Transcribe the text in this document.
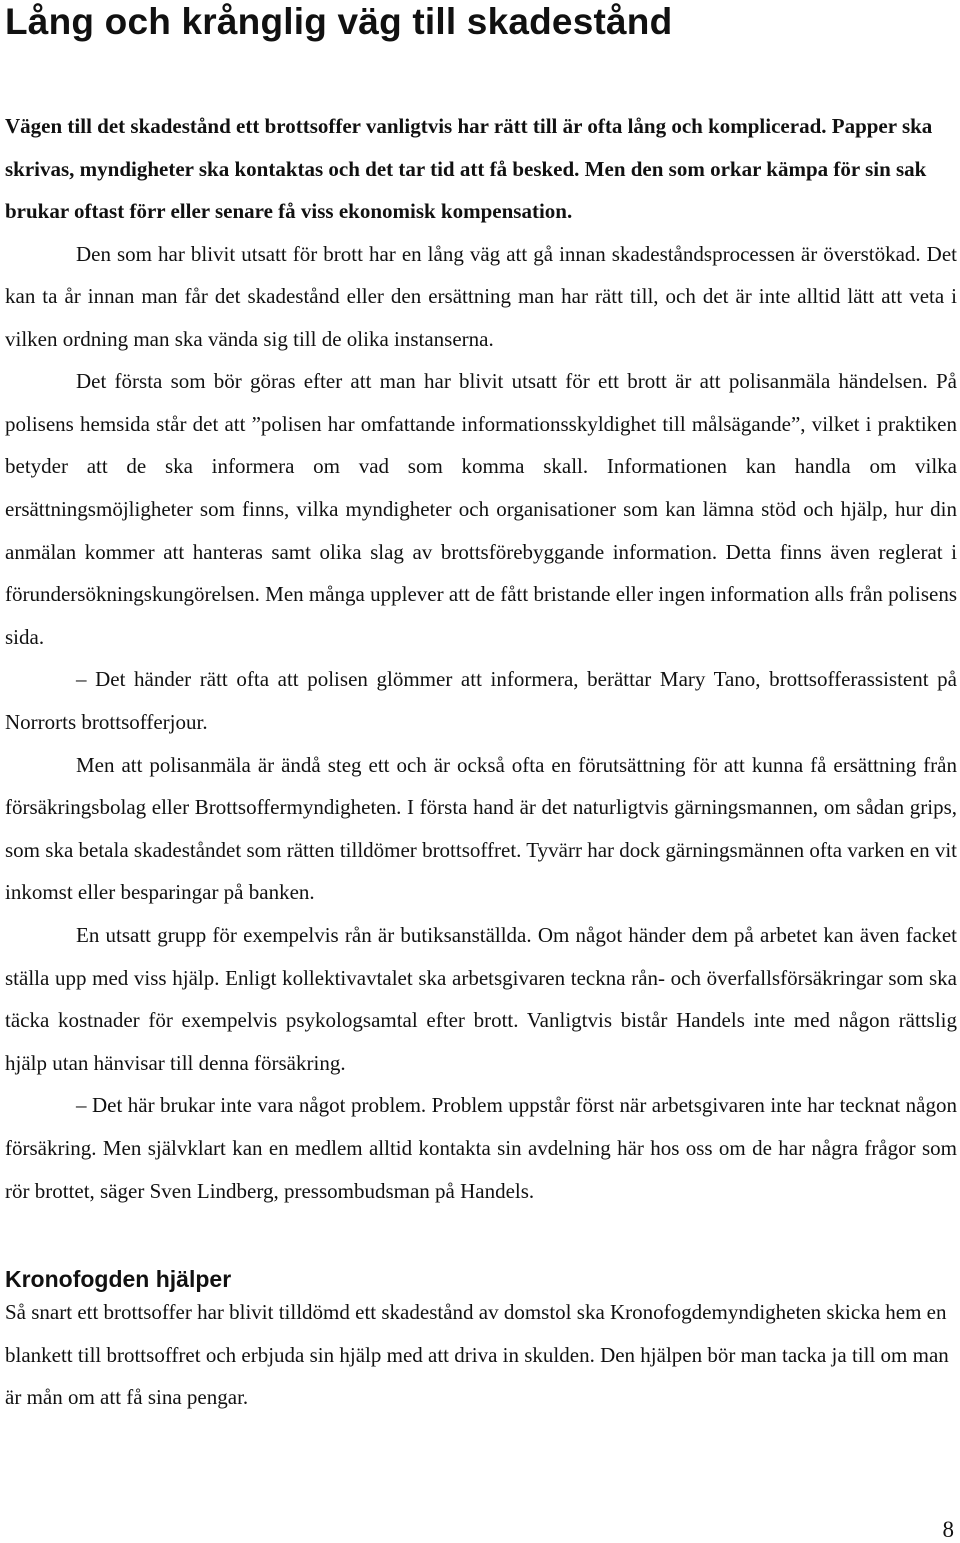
Lång och krånglig väg till skadestånd

Vägen till det skadestånd ett brottsoffer vanligtvis har rätt till är ofta lång och komplicerad. Papper ska skrivas, myndigheter ska kontaktas och det tar tid att få besked. Men den som orkar kämpa för sin sak brukar oftast förr eller senare få viss ekonomisk kompensation.

Den som har blivit utsatt för brott har en lång väg att gå innan skadeståndsprocessen är överstökad. Det kan ta år innan man får det skadestånd eller den ersättning man har rätt till, och det är inte alltid lätt att veta i vilken ordning man ska vända sig till de olika instanserna.

Det första som bör göras efter att man har blivit utsatt för ett brott är att polisanmäla händelsen. På polisens hemsida står det att ”polisen har omfattande informationsskyldighet till målsägande”, vilket i praktiken betyder att de ska informera om vad som komma skall. Informationen kan handla om vilka ersättningsmöjligheter som finns, vilka myndigheter och organisationer som kan lämna stöd och hjälp, hur din anmälan kommer att hanteras samt olika slag av brottsförebyggande information. Detta finns även reglerat i förundersökningskungörelsen. Men många upplever att de fått bristande eller ingen information alls från polisens sida.

– Det händer rätt ofta att polisen glömmer att informera, berättar Mary Tano, brottsofferassistent på Norrorts brottsofferjour.

Men att polisanmäla är ändå steg ett och är också ofta en förutsättning för att kunna få ersättning från försäkringsbolag eller Brottsoffermyndigheten. I första hand är det naturligtvis gärningsmannen, om sådan grips, som ska betala skadeståndet som rätten tilldömer brottsoffret. Tyvärr har dock gärningsmännen ofta varken en vit inkomst eller besparingar på banken.

En utsatt grupp för exempelvis rån är butiksanställda. Om något händer dem på arbetet kan även facket ställa upp med viss hjälp. Enligt kollektivavtalet ska arbetsgivaren teckna rån- och överfallsförsäkringar som ska täcka kostnader för exempelvis psykologsamtal efter brott. Vanligtvis bistår Handels inte med någon rättslig hjälp utan hänvisar till denna försäkring.

– Det här brukar inte vara något problem. Problem uppstår först när arbetsgivaren inte har tecknat någon försäkring. Men självklart kan en medlem alltid kontakta sin avdelning här hos oss om de har några frågor som rör brottet, säger Sven Lindberg, pressombudsman på Handels.

Kronofogden hjälper

Så snart ett brottsoffer har blivit tilldömd ett skadestånd av domstol ska Kronofogdemyndigheten skicka hem en blankett till brottsoffret och erbjuda sin hjälp med att driva in skulden. Den hjälpen bör man tacka ja till om man är mån om att få sina pengar.

8
